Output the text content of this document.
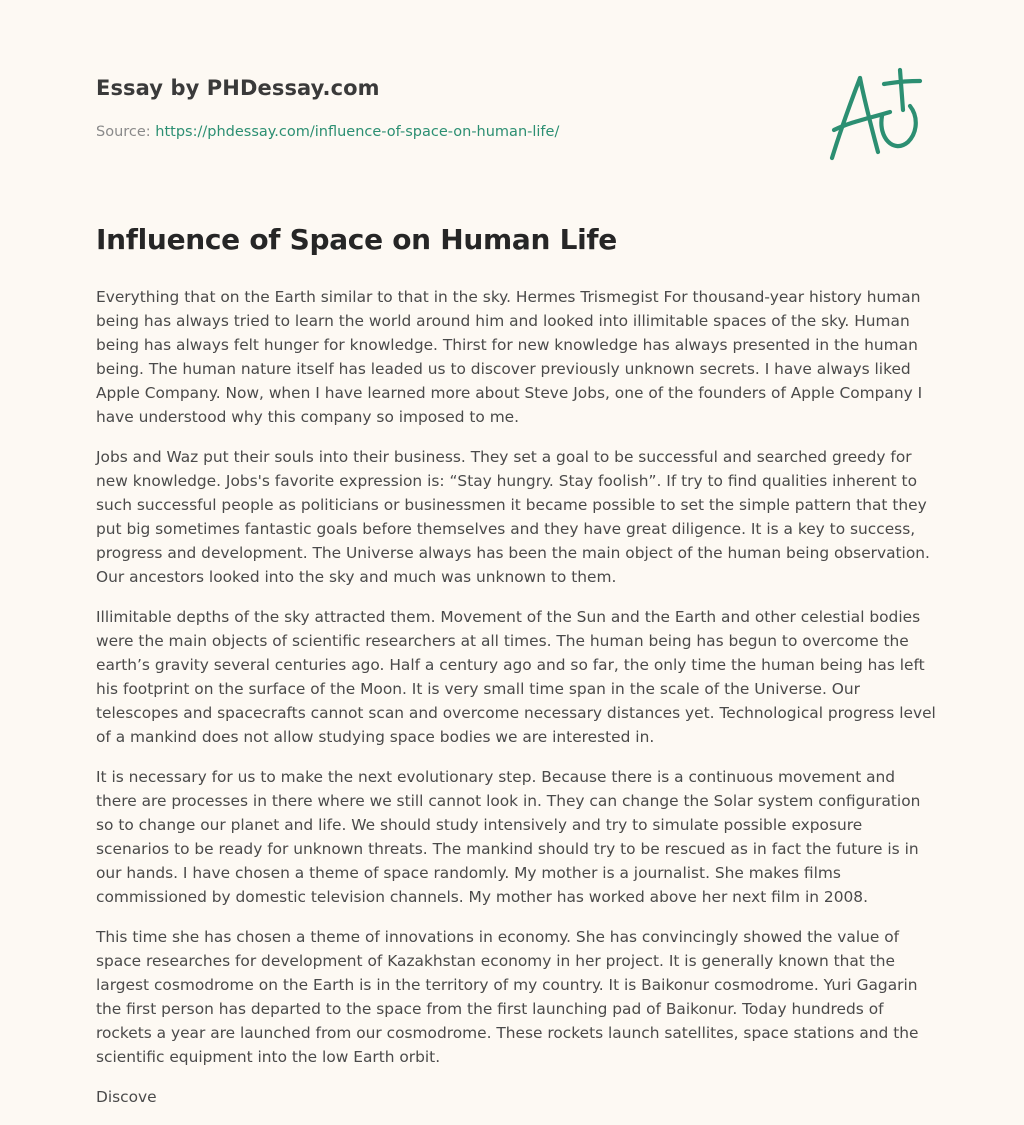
Essay by PHDessay.com
Source: https://phdessay.com/influence-of-space-on-human-life/
Influence of Space on Human Life

Everything that on the Earth similar to that in the sky. Hermes Trismegist For thousand-year history human being has always tried to learn the world around him and looked into illimitable spaces of the sky. Human being has always felt hunger for knowledge. Thirst for new knowledge has always presented in the human being. The human nature itself has leaded us to discover previously unknown secrets. I have always liked Apple Company. Now, when I have learned more about Steve Jobs, one of the founders of Apple Company I have understood why this company so imposed to me.

Jobs and Waz put their souls into their business. They set a goal to be successful and searched greedy for new knowledge. Jobs's favorite expression is: “Stay hungry. Stay foolish”. If try to find qualities inherent to such successful people as politicians or businessmen it became possible to set the simple pattern that they put big sometimes fantastic goals before themselves and they have great diligence. It is a key to success, progress and development. The Universe always has been the main object of the human being observation. Our ancestors looked into the sky and much was unknown to them.

Illimitable depths of the sky attracted them. Movement of the Sun and the Earth and other celestial bodies were the main objects of scientific researchers at all times. The human being has begun to overcome the earth’s gravity several centuries ago. Half a century ago and so far, the only time the human being has left his footprint on the surface of the Moon. It is very small time span in the scale of the Universe. Our telescopes and spacecrafts cannot scan and overcome necessary distances yet. Technological progress level of a mankind does not allow studying space bodies we are interested in.

It is necessary for us to make the next evolutionary step. Because there is a continuous movement and there are processes in there where we still cannot look in. They can change the Solar system configuration so to change our planet and life. We should study intensively and try to simulate possible exposure scenarios to be ready for unknown threats. The mankind should try to be rescued as in fact the future is in our hands. I have chosen a theme of space randomly. My mother is a journalist. She makes films commissioned by domestic television channels. My mother has worked above her next film in 2008.

This time she has chosen a theme of innovations in economy. She has convincingly showed the value of space researches for development of Kazakhstan economy in her project. It is generally known that the largest cosmodrome on the Earth is in the territory of my country. It is Baikonur cosmodrome. Yuri Gagarin the first person has departed to the space from the first launching pad of Baikonur. Today hundreds of rockets a year are launched from our cosmodrome. These rockets launch satellites, space stations and the scientific equipment into the low Earth orbit.

Discove
